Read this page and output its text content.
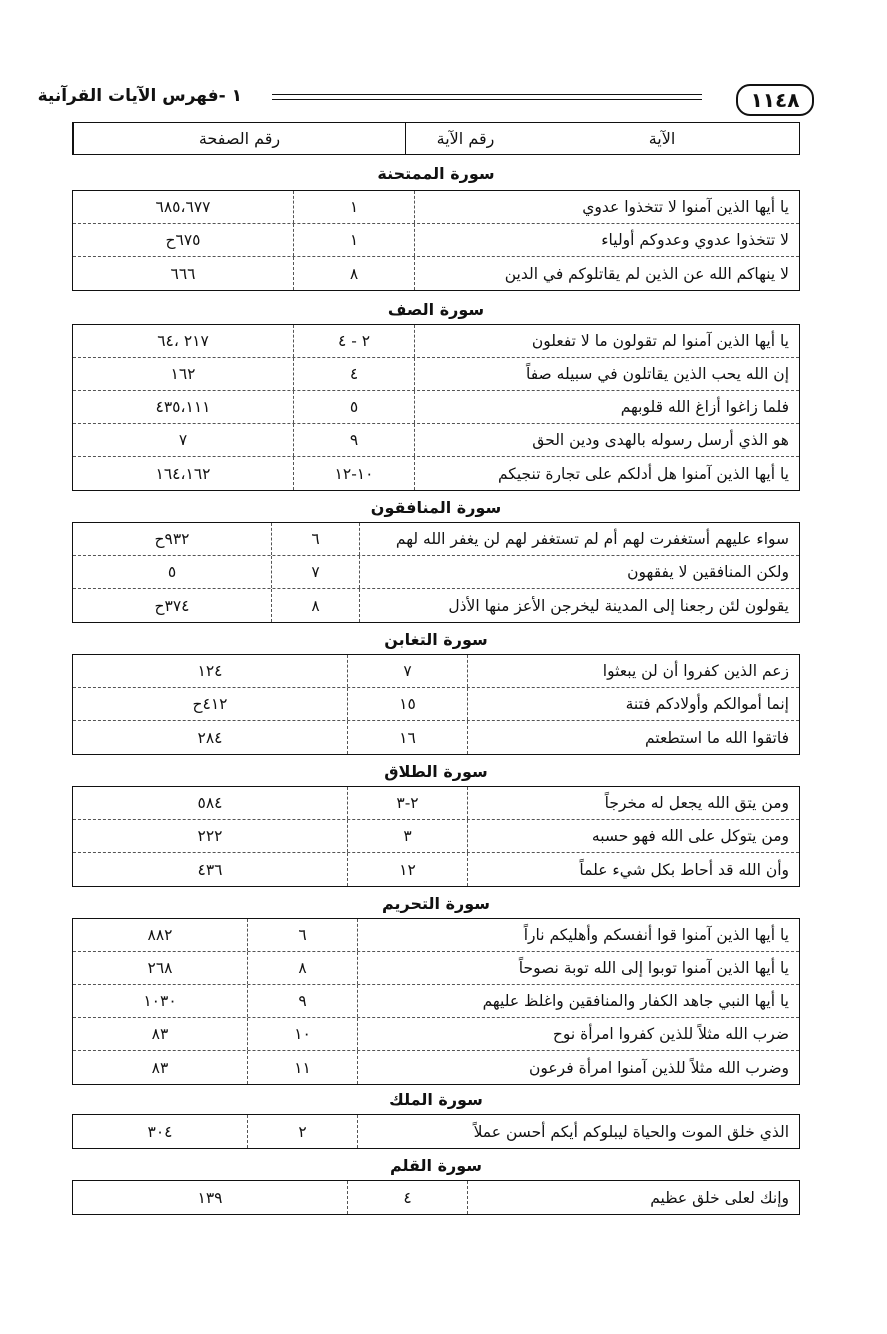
١١٤٨
١ -فهرس الآيات القرآنية
الآية
رقم الآية
رقم الصفحة
سورة الممتحنة
يا أيها الذين آمنوا لا تتخذوا عدوي
١
٦٨٥،٦٧٧
لا تتخذوا عدوي وعدوكم أولياء
١
٦٧٥ح
لا ينهاكم الله عن الذين لم يقاتلوكم في الدين
٨
٦٦٦
سورة الصف
يا أيها الذين آمنوا لم تقولون ما لا تفعلون
٢ - ٤
٢١٧ ،٦٤
إن الله يحب الذين يقاتلون في سبيله صفاً
٤
١٦٢
فلما زاغوا أزاغ الله قلوبهم
٥
٤٣٥،١١١
هو الذي أرسل رسوله بالهدى ودين الحق
٩
٧
يا أيها الذين آمنوا هل أدلكم على تجارة تنجيكم
١٠-١٢
١٦٤،١٦٢
سورة المنافقون
سواء عليهم أستغفرت لهم أم لم تستغفر لهم لن يغفر الله لهم
٦
٩٣٢ح
ولكن المنافقين لا يفقهون
٧
٥
يقولون لئن رجعنا إلى المدينة ليخرجن الأعز منها الأذل
٨
٣٧٤ح
سورة التغابن
زعم الذين كفروا أن لن يبعثوا
٧
١٢٤
إنما أموالكم وأولادكم فتنة
١٥
٤١٢ح
فاتقوا الله ما استطعتم
١٦
٢٨٤
سورة الطلاق
ومن يتق الله يجعل له مخرجاً
٢-٣
٥٨٤
ومن يتوكل على الله فهو حسبه
٣
٢٢٢
وأن الله قد أحاط بكل شيء علماً
١٢
٤٣٦
سورة التحريم
يا أيها الذين آمنوا قوا أنفسكم وأهليكم ناراً
٦
٨٨٢
يا أيها الذين آمنوا توبوا إلى الله توبة نصوحاً
٨
٢٦٨
يا أيها النبي جاهد الكفار والمنافقين واغلظ عليهم
٩
١٠٣٠
ضرب الله مثلاً للذين كفروا امرأة نوح
١٠
٨٣
وضرب الله مثلاً للذين آمنوا امرأة فرعون
١١
٨٣
سورة الملك
الذي خلق الموت والحياة ليبلوكم أيكم أحسن عملاً
٢
٣٠٤
سورة القلم
وإنك لعلى خلق عظيم
٤
١٣٩
